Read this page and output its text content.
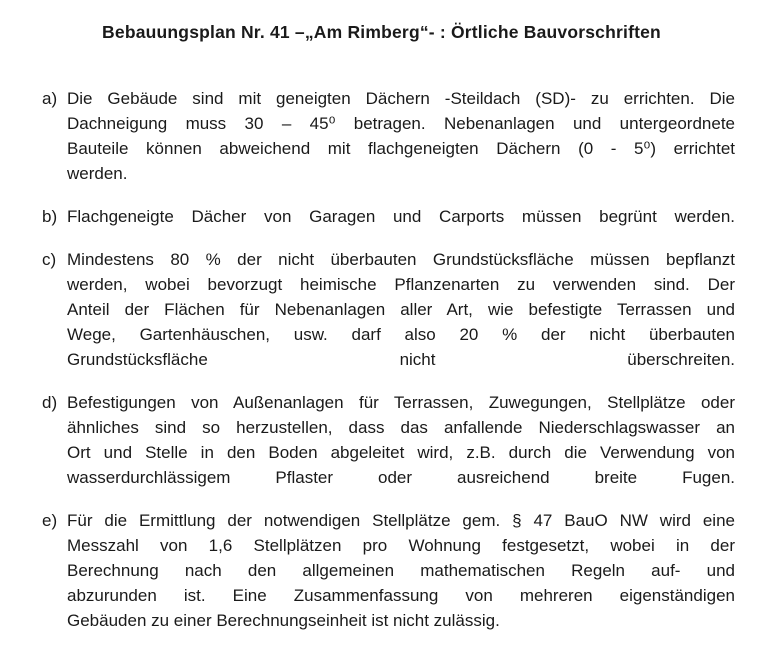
Bebauungsplan Nr. 41 –„Am Rimberg“- : Örtliche Bauvorschriften
a) Die Gebäude sind mit geneigten Dächern -Steildach (SD)- zu errichten. Die
Dachneigung muss 30 – 45⁰ betragen. Nebenanlagen und untergeordnete
Bauteile können abweichend mit flachgeneigten Dächern (0 - 5⁰) errichtet
werden.
b) Flachgeneigte Dächer von Garagen und Carports müssen begrünt werden.
c) Mindestens 80 % der nicht überbauten Grundstücksfläche müssen bepflanzt
werden, wobei bevorzugt heimische Pflanzenarten zu verwenden sind. Der
Anteil der Flächen für Nebenanlagen aller Art, wie befestigte Terrassen und
Wege, Gartenhäuschen, usw. darf also 20 % der nicht überbauten
Grundstücksfläche nicht überschreiten.
d) Befestigungen von Außenanlagen für Terrassen, Zuwegungen, Stellplätze oder
ähnliches sind so herzustellen, dass das anfallende Niederschlagswasser an
Ort und Stelle in den Boden abgeleitet wird, z.B. durch die Verwendung von
wasserdurchlässigem Pflaster oder ausreichend breite Fugen.
e) Für die Ermittlung der notwendigen Stellplätze gem. § 47 BauO NW wird eine
Messzahl von 1,6 Stellplätzen pro Wohnung festgesetzt, wobei in der
Berechnung nach den allgemeinen mathematischen Regeln auf- und
abzurunden ist. Eine Zusammenfassung von mehreren eigenständigen
Gebäuden zu einer Berechnungseinheit ist nicht zulässig.
